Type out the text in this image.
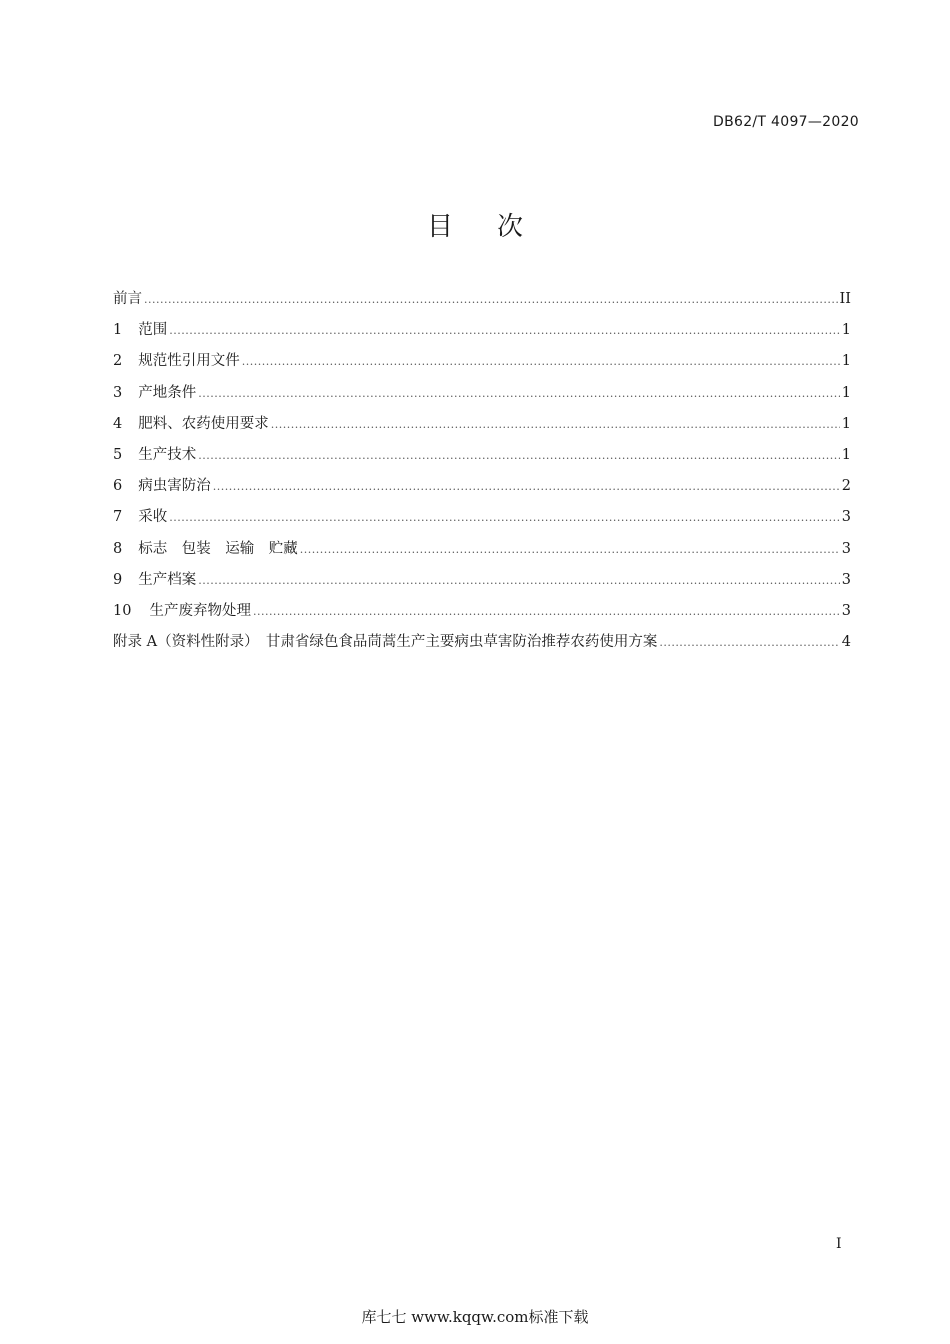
DB62/T 4097—2020
目次
前言 .....	II
1 范围 .....	1
2 规范性引用文件 .....	1
3 产地条件 .....	1
4 肥料、农药使用要求 .....	1
5 生产技术 .....	1
6 病虫害防治 .....	2
7 采收 .....	3
8 标志　包装　运输　贮藏 .....	3
9 生产档案 .....	3
10 生产废弃物处理 .....	3
附录 A（资料性附录）　甘肃省绿色食品茼蒿生产主要病虫草害防治推荐农药使用方案 .....	4
I
库七七 www.kqqw.com标准下载
